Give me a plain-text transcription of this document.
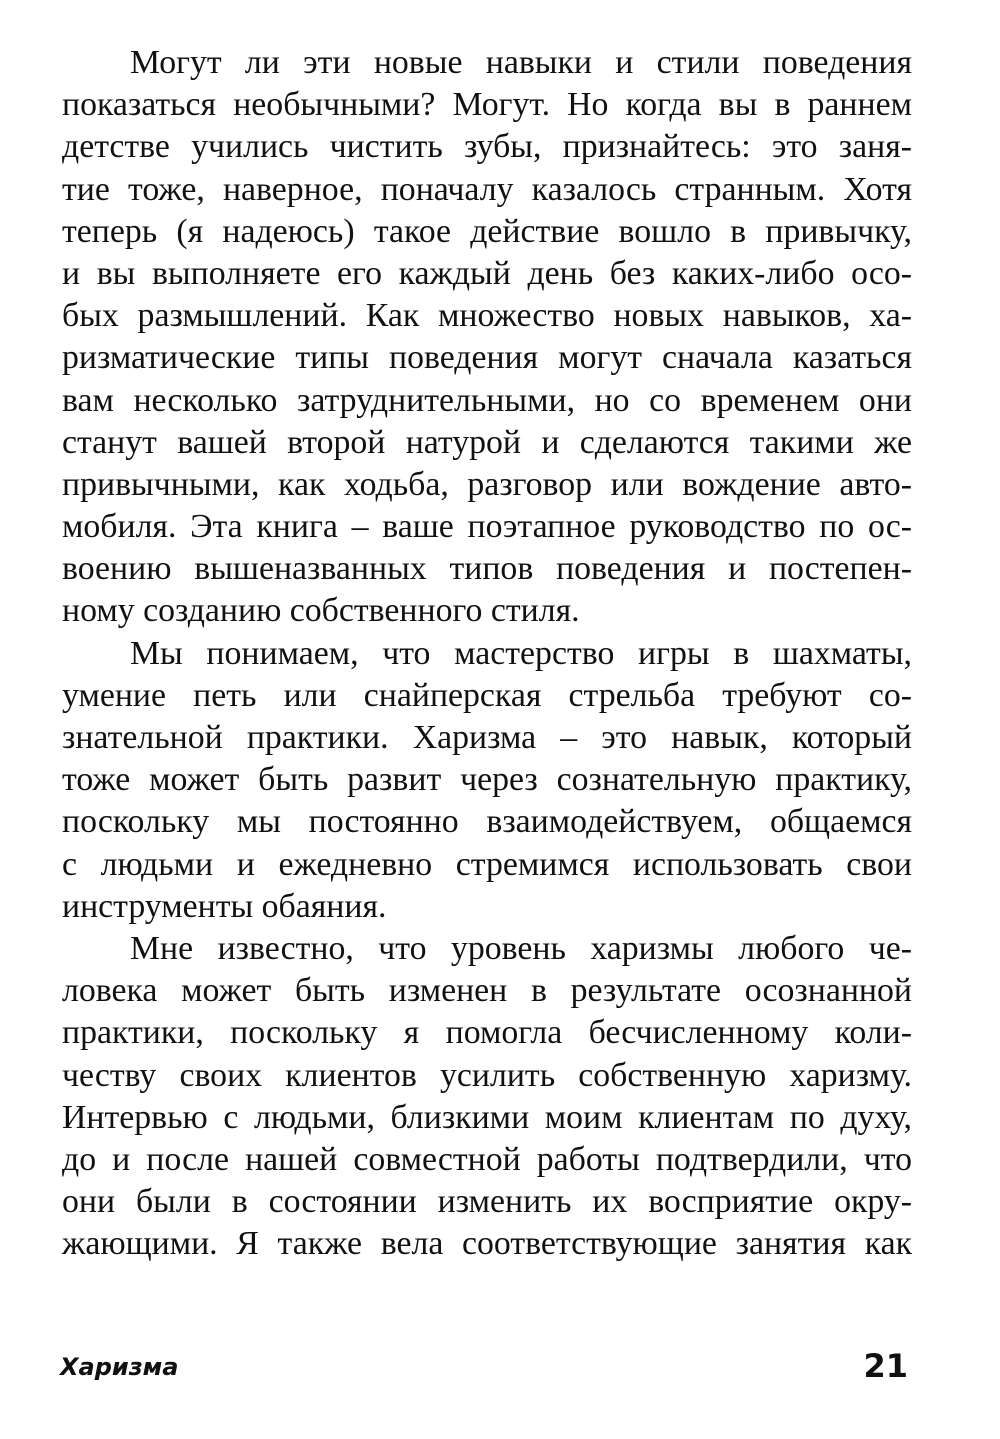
Могут ли эти новые навыки и стили поведения
показаться необычными? Могут. Но когда вы в раннем
детстве учились чистить зубы, признайтесь: это заня-
тие тоже, наверное, поначалу казалось странным. Хотя
теперь (я надеюсь) такое действие вошло в привычку,
и вы выполняете его каждый день без каких-либо осо-
бых размышлений. Как множество новых навыков, ха-
ризматические типы поведения могут сначала казаться
вам несколько затруднительными, но со временем они
станут вашей второй натурой и сделаются такими же
привычными, как ходьба, разговор или вождение авто-
мобиля. Эта книга – ваше поэтапное руководство по ос-
воению вышеназванных типов поведения и постепен-
ному созданию собственного стиля.
Мы понимаем, что мастерство игры в шахматы,
умение петь или снайперская стрельба требуют со-
знательной практики. Харизма – это навык, который
тоже может быть развит через сознательную практику,
поскольку мы постоянно взаимодействуем, общаемся
с людьми и ежедневно стремимся использовать свои
инструменты обаяния.
Мне известно, что уровень харизмы любого че-
ловека может быть изменен в результате осознанной
практики, поскольку я помогла бесчисленному коли-
честву своих клиентов усилить собственную харизму.
Интервью с людьми, близкими моим клиентам по духу,
до и после нашей совместной работы подтвердили, что
они были в состоянии изменить их восприятие окру-
жающими. Я также вела соответствующие занятия как
Харизма	21
